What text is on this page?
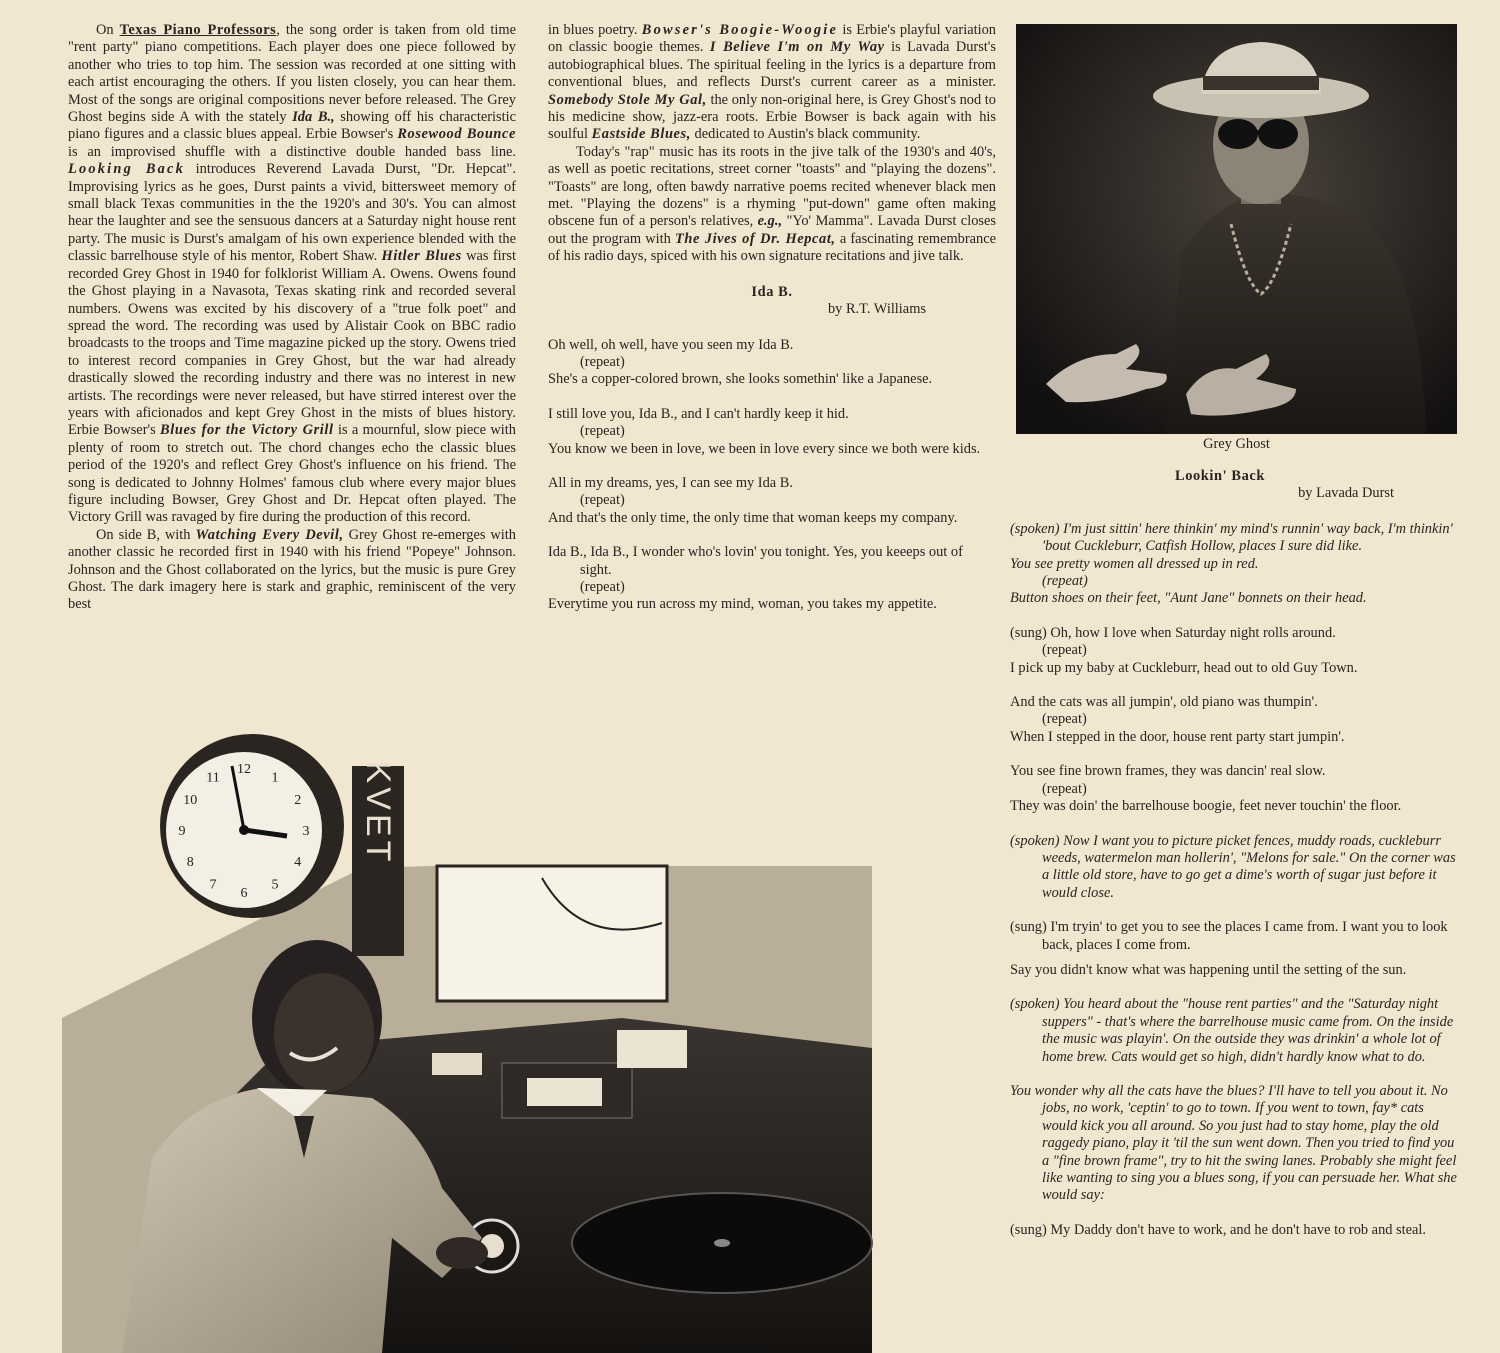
On Texas Piano Professors, the song order is taken from old time "rent party" piano competitions. Each player does one piece followed by another who tries to top him. The session was recorded at one sitting with each artist encouraging the others. If you listen closely, you can hear them. Most of the songs are original compositions never before released. The Grey Ghost begins side A with the stately Ida B., showing off his characteristic piano figures and a classic blues appeal. Erbie Bowser's Rosewood Bounce is an improvised shuffle with a distinctive double handed bass line. Looking Back introduces Reverend Lavada Durst, "Dr. Hepcat". Improvising lyrics as he goes, Durst paints a vivid, bittersweet memory of small black Texas communities in the the 1920's and 30's. You can almost hear the laughter and see the sensuous dancers at a Saturday night house rent party. The music is Durst's amalgam of his own experience blended with the classic barrelhouse style of his mentor, Robert Shaw. Hitler Blues was first recorded Grey Ghost in 1940 for folklorist William A. Owens. Owens found the Ghost playing in a Navasota, Texas skating rink and recorded several numbers. Owens was excited by his discovery of a "true folk poet" and spread the word. The recording was used by Alistair Cook on BBC radio broadcasts to the troops and Time magazine picked up the story. Owens tried to interest record companies in Grey Ghost, but the war had already drastically slowed the recording industry and there was no interest in new artists. The recordings were never released, but have stirred interest over the years with aficionados and kept Grey Ghost in the mists of blues history. Erbie Bowser's Blues for the Victory Grill is a mournful, slow piece with plenty of room to stretch out. The chord changes echo the classic blues period of the 1920's and reflect Grey Ghost's influence on his friend. The song is dedicated to Johnny Holmes' famous club where every major blues figure including Bowser, Grey Ghost and Dr. Hepcat often played. The Victory Grill was ravaged by fire during the production of this record.

On side B, with Watching Every Devil, Grey Ghost re-emerges with another classic he recorded first in 1940 with his friend "Popeye" Johnson. Johnson and the Ghost collaborated on the lyrics, but the music is pure Grey Ghost. The dark imagery here is stark and graphic, reminiscent of the very best

in blues poetry. Bowser's Boogie-Woogie is Erbie's playful variation on classic boogie themes. I Believe I'm on My Way is Lavada Durst's autobiographical blues. The spiritual feeling in the lyrics is a departure from conventional blues, and reflects Durst's current career as a minister. Somebody Stole My Gal, the only non-original here, is Grey Ghost's nod to his medicine show, jazz-era roots. Erbie Bowser is back again with his soulful Eastside Blues, dedicated to Austin's black community.

Today's "rap" music has its roots in the jive talk of the 1930's and 40's, as well as poetic recitations, street corner "toasts" and "playing the dozens". "Toasts" are long, often bawdy narrative poems recited whenever black men met. "Playing the dozens" is a rhyming "put-down" game often making obscene fun of a person's relatives, e.g., "Yo' Mamma". Lavada Durst closes out the program with The Jives of Dr. Hepcat, a fascinating remembrance of his radio days, spiced with his own signature recitations and jive talk.

Ida B.

by R.T. Williams

Oh well, oh well, have you seen my Ida B.
(repeat)
She's a copper-colored brown, she looks somethin' like a Japanese.
I still love you, Ida B., and I can't hardly keep it hid.
(repeat)
You know we been in love, we been in love every since we both were kids.
All in my dreams, yes, I can see my Ida B.
(repeat)
And that's the only time, the only time that woman keeps my company.
Ida B., Ida B., I wonder who's lovin' you tonight. Yes, you keeeps out of sight.
(repeat)
Everytime you run across my mind, woman, you takes my appetite.

Lookin' Back

by Lavada Durst

(spoken) I'm just sittin' here thinkin' my mind's runnin' way back, I'm thinkin' 'bout Cuckleburr, Catfish Hollow, places I sure did like.
You see pretty women all dressed up in red.
(repeat)
Button shoes on their feet, "Aunt Jane" bonnets on their head.
(sung) Oh, how I love when Saturday night rolls around.
(repeat)
I pick up my baby at Cuckleburr, head out to old Guy Town.
And the cats was all jumpin', old piano was thumpin'.
(repeat)
When I stepped in the door, house rent party start jumpin'.
You see fine brown frames, they was dancin' real slow.
(repeat)
They was doin' the barrelhouse boogie, feet never touchin' the floor.
(spoken) Now I want you to picture picket fences, muddy roads, cuckleburr weeds, watermelon man hollerin', "Melons for sale." On the corner was a little old store, have to go get a dime's worth of sugar just before it would close.
(sung) I'm tryin' to get you to see the places I came from. I want you to look back, places I come from.
Say you didn't know what was happening until the setting of the sun.
(spoken) You heard about the "house rent parties" and the "Saturday night suppers" - that's where the barrelhouse music came from. On the inside the music was playin'. On the outside they was drinkin' a whole lot of home brew. Cats would get so high, didn't hardly know what to do.
You wonder why all the cats have the blues? I'll have to tell you about it. No jobs, no work, 'ceptin' to go to town. If you went to town, fay* cats would kick you all around. So you just had to stay home, play the old raggedy piano, play it 'til the sun went down. Then you tried to find you a "fine brown frame", try to hit the swing lanes. Probably she might feel like wanting to sing you a blues song, if you can persuade her. What she would say:
(sung) My Daddy don't have to work, and he don't have to rob and steal.
Grey Ghost
12
1
2
3
4
5
6
7
8
9
10
11	KVET
